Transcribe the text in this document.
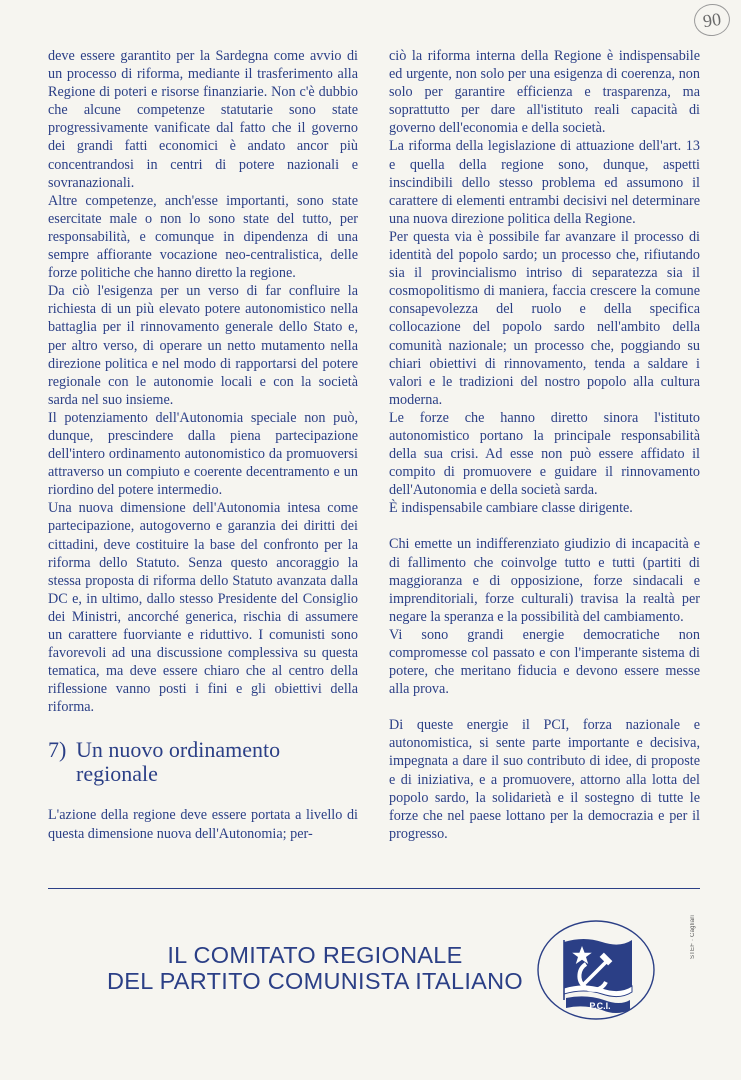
90

deve essere garantito per la Sardegna come avvio di un processo di riforma, mediante il trasferimento alla Regione di poteri e risorse finanziarie. Non c'è dubbio che alcune competenze statutarie sono state progressivamente vanificate dal fatto che il governo dei grandi fatti economici è andato ancor più concentrandosi in centri di potere nazionali e sovranazionali.

Altre competenze, anch'esse importanti, sono state esercitate male o non lo sono state del tutto, per responsabilità, e comunque in dipendenza di una sempre affiorante vocazione neo-centralistica, delle forze politiche che hanno diretto la regione.

Da ciò l'esigenza per un verso di far confluire la richiesta di un più elevato potere autonomistico nella battaglia per il rinnovamento generale dello Stato e, per altro verso, di operare un netto mutamento nella direzione politica e nel modo di rapportarsi del potere regionale con le autonomie locali e con la società sarda nel suo insieme.

Il potenziamento dell'Autonomia speciale non può, dunque, prescindere dalla piena partecipazione dell'intero ordinamento autonomistico da promuoversi attraverso un compiuto e coerente decentramento e un riordino del potere intermedio.

Una nuova dimensione dell'Autonomia intesa come partecipazione, autogoverno e garanzia dei diritti dei cittadini, deve costituire la base del confronto per la riforma dello Statuto. Senza questo ancoraggio la stessa proposta di riforma dello Statuto avanzata dalla DC e, in ultimo, dallo stesso Presidente del Consiglio dei Ministri, ancorché generica, rischia di assumere un carattere fuorviante e riduttivo. I comunisti sono favorevoli ad una discussione complessiva su questa tematica, ma deve essere chiaro che al centro della riflessione vanno posti i fini e gli obiettivi della riforma.

7) Un nuovo ordinamento regionale

L'azione della regione deve essere portata a livello di questa dimensione nuova dell'Autonomia; per-

ciò la riforma interna della Regione è indispensabile ed urgente, non solo per una esigenza di coerenza, non solo per garantire efficienza e trasparenza, ma soprattutto per dare all'istituto reali capacità di governo dell'economia e della società.

La riforma della legislazione di attuazione dell'art. 13 e quella della regione sono, dunque, aspetti inscindibili dello stesso problema ed assumono il carattere di elementi entrambi decisivi nel determinare una nuova direzione politica della Regione.

Per questa via è possibile far avanzare il processo di identità del popolo sardo; un processo che, rifiutando sia il provincialismo intriso di separatezza sia il cosmopolitismo di maniera, faccia crescere la comune consapevolezza del ruolo e della specifica collocazione del popolo sardo nell'ambito della comunità nazionale; un processo che, poggiando su chiari obiettivi di rinnovamento, tenda a saldare i valori e le tradizioni del nostro popolo alla cultura moderna.

Le forze che hanno diretto sinora l'istituto autonomistico portano la principale responsabilità della sua crisi. Ad esse non può essere affidato il compito di promuovere e guidare il rinnovamento dell'Autonomia e della società sarda.

È indispensabile cambiare classe dirigente.

Chi emette un indifferenziato giudizio di incapacità e di fallimento che coinvolge tutto e tutti (partiti di maggioranza e di opposizione, forze sindacali e imprenditoriali, forze culturali) travisa la realtà per negare la speranza e la possibilità del cambiamento.

Vi sono grandi energie democratiche non compromesse col passato e con l'imperante sistema di potere, che meritano fiducia e devono essere messe alla prova.

Di queste energie il PCI, forza nazionale e autonomistica, si sente parte importante e decisiva, impegnata a dare il suo contributo di idee, di proposte e di iniziativa, e a promuovere, attorno alla lotta del popolo sardo, la solidarietà e il sostegno di tutte le forze che nel paese lottano per la democrazia e per il progresso.

IL COMITATO REGIONALE
DEL PARTITO COMUNISTA ITALIANO
P.C.I.
STEF · Cagliari
